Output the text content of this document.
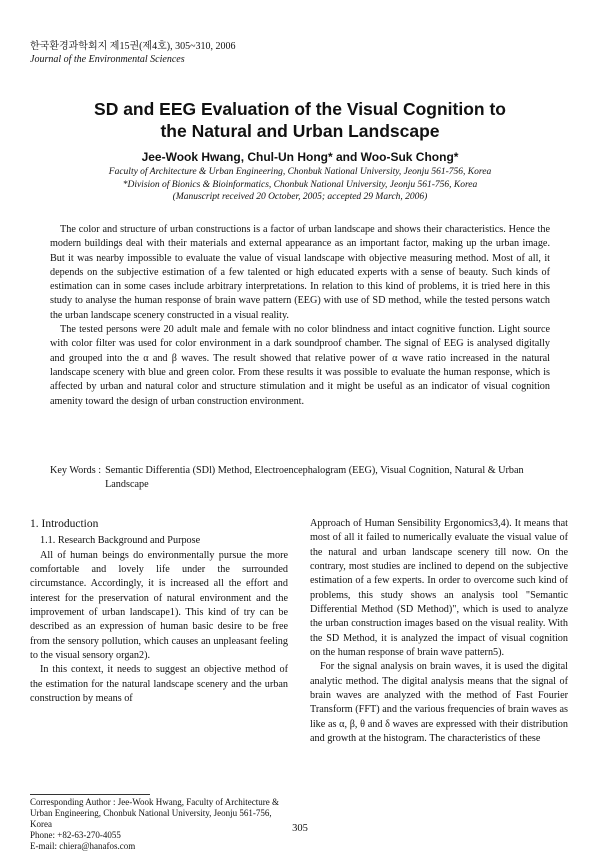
한국환경과학회지 제15권(제4호), 305~310, 2006
Journal of the Environmental Sciences
SD and EEG Evaluation of the Visual Cognition to
the Natural and Urban Landscape
Jee-Wook Hwang, Chul-Un Hong* and Woo-Suk Chong*
Faculty of Architecture & Urban Engineering, Chonbuk National University, Jeonju 561-756, Korea
*Division of Bionics & Bioinformatics, Chonbuk National University, Jeonju 561-756, Korea
(Manuscript received 20 October, 2005; accepted 29 March, 2006)

The color and structure of urban constructions is a factor of urban landscape and shows their characteristics. Hence the modern buildings deal with their materials and external appearance as an important factor, making up the urban image. But it was nearby impossible to evaluate the value of visual landscape with objective measuring method. Most of all, it depends on the subjective estimation of a few talented or high educated experts with a sense of beauty. Such kinds of estimation can in some cases include arbitrary interpretations. In relation to this kind of problems, it is tried here in this study to analyse the human response of brain wave pattern (EEG) with use of SD method, while the tested persons watch the urban landscape scenery constructed in a visual reality.

The tested persons were 20 adult male and female with no color blindness and intact cognitive function. Light source with color filter was used for color environment in a dark soundproof chamber. The signal of EEG is analysed digitally and grouped into the α and β waves. The result showed that relative power of α wave ratio increased in the natural landscape scenery with blue and green color. From these results it was possible to evaluate the human response, which is affected by urban and natural color and structure stimulation and it might be useful as an indicator of visual cognition amenity toward the design of urban construction environment.

Key Words : Semantic Differentia (SDl) Method, Electroencephalogram (EEG), Visual Cognition, Natural & Urban Landscape
1. Introduction
1.1. Research Background and Purpose

All of human beings do environmentally pursue the more comfortable and lovely life under the surrounded circumstance. Accordingly, it is increased all the effort and interest for the preservation of natural environment and the improvement of urban landscape1). This kind of try can be described as an expression of human basic desire to be free from the sensory pollution, which causes an unpleasant feeling to the visual sensory organ2).

In this context, it needs to suggest an objective method of the estimation for the natural landscape scenery and the urban construction by means of

Approach of Human Sensibility Ergonomics3,4). It means that most of all it failed to numerically evaluate the visual value of the natural and urban landscape scenery till now. On the contrary, most studies are inclined to depend on the subjective estimation of a few experts. In order to overcome such kind of problems, this study shows an analysis tool "Semantic Differential Method (SD Method)", which is used to analyze the urban construction images based on the visual reality. With the SD Method, it is analyzed the impact of visual cognition on the human response of brain wave pattern5).

For the signal analysis on brain waves, it is used the digital analytic method. The digital analysis means that the signal of brain waves are analyzed with the method of Fast Fourier Transform (FFT) and the various frequencies of brain waves as like as α, β, θ and δ waves are expressed with their distribution and growth at the histogram. The characteristics of these

Corresponding Author : Jee-Wook Hwang, Faculty of Architecture & Urban Engineering, Chonbuk National University, Jeonju 561-756, Korea
Phone: +82-63-270-4055
E-mail: chiera@hanafos.com
305
